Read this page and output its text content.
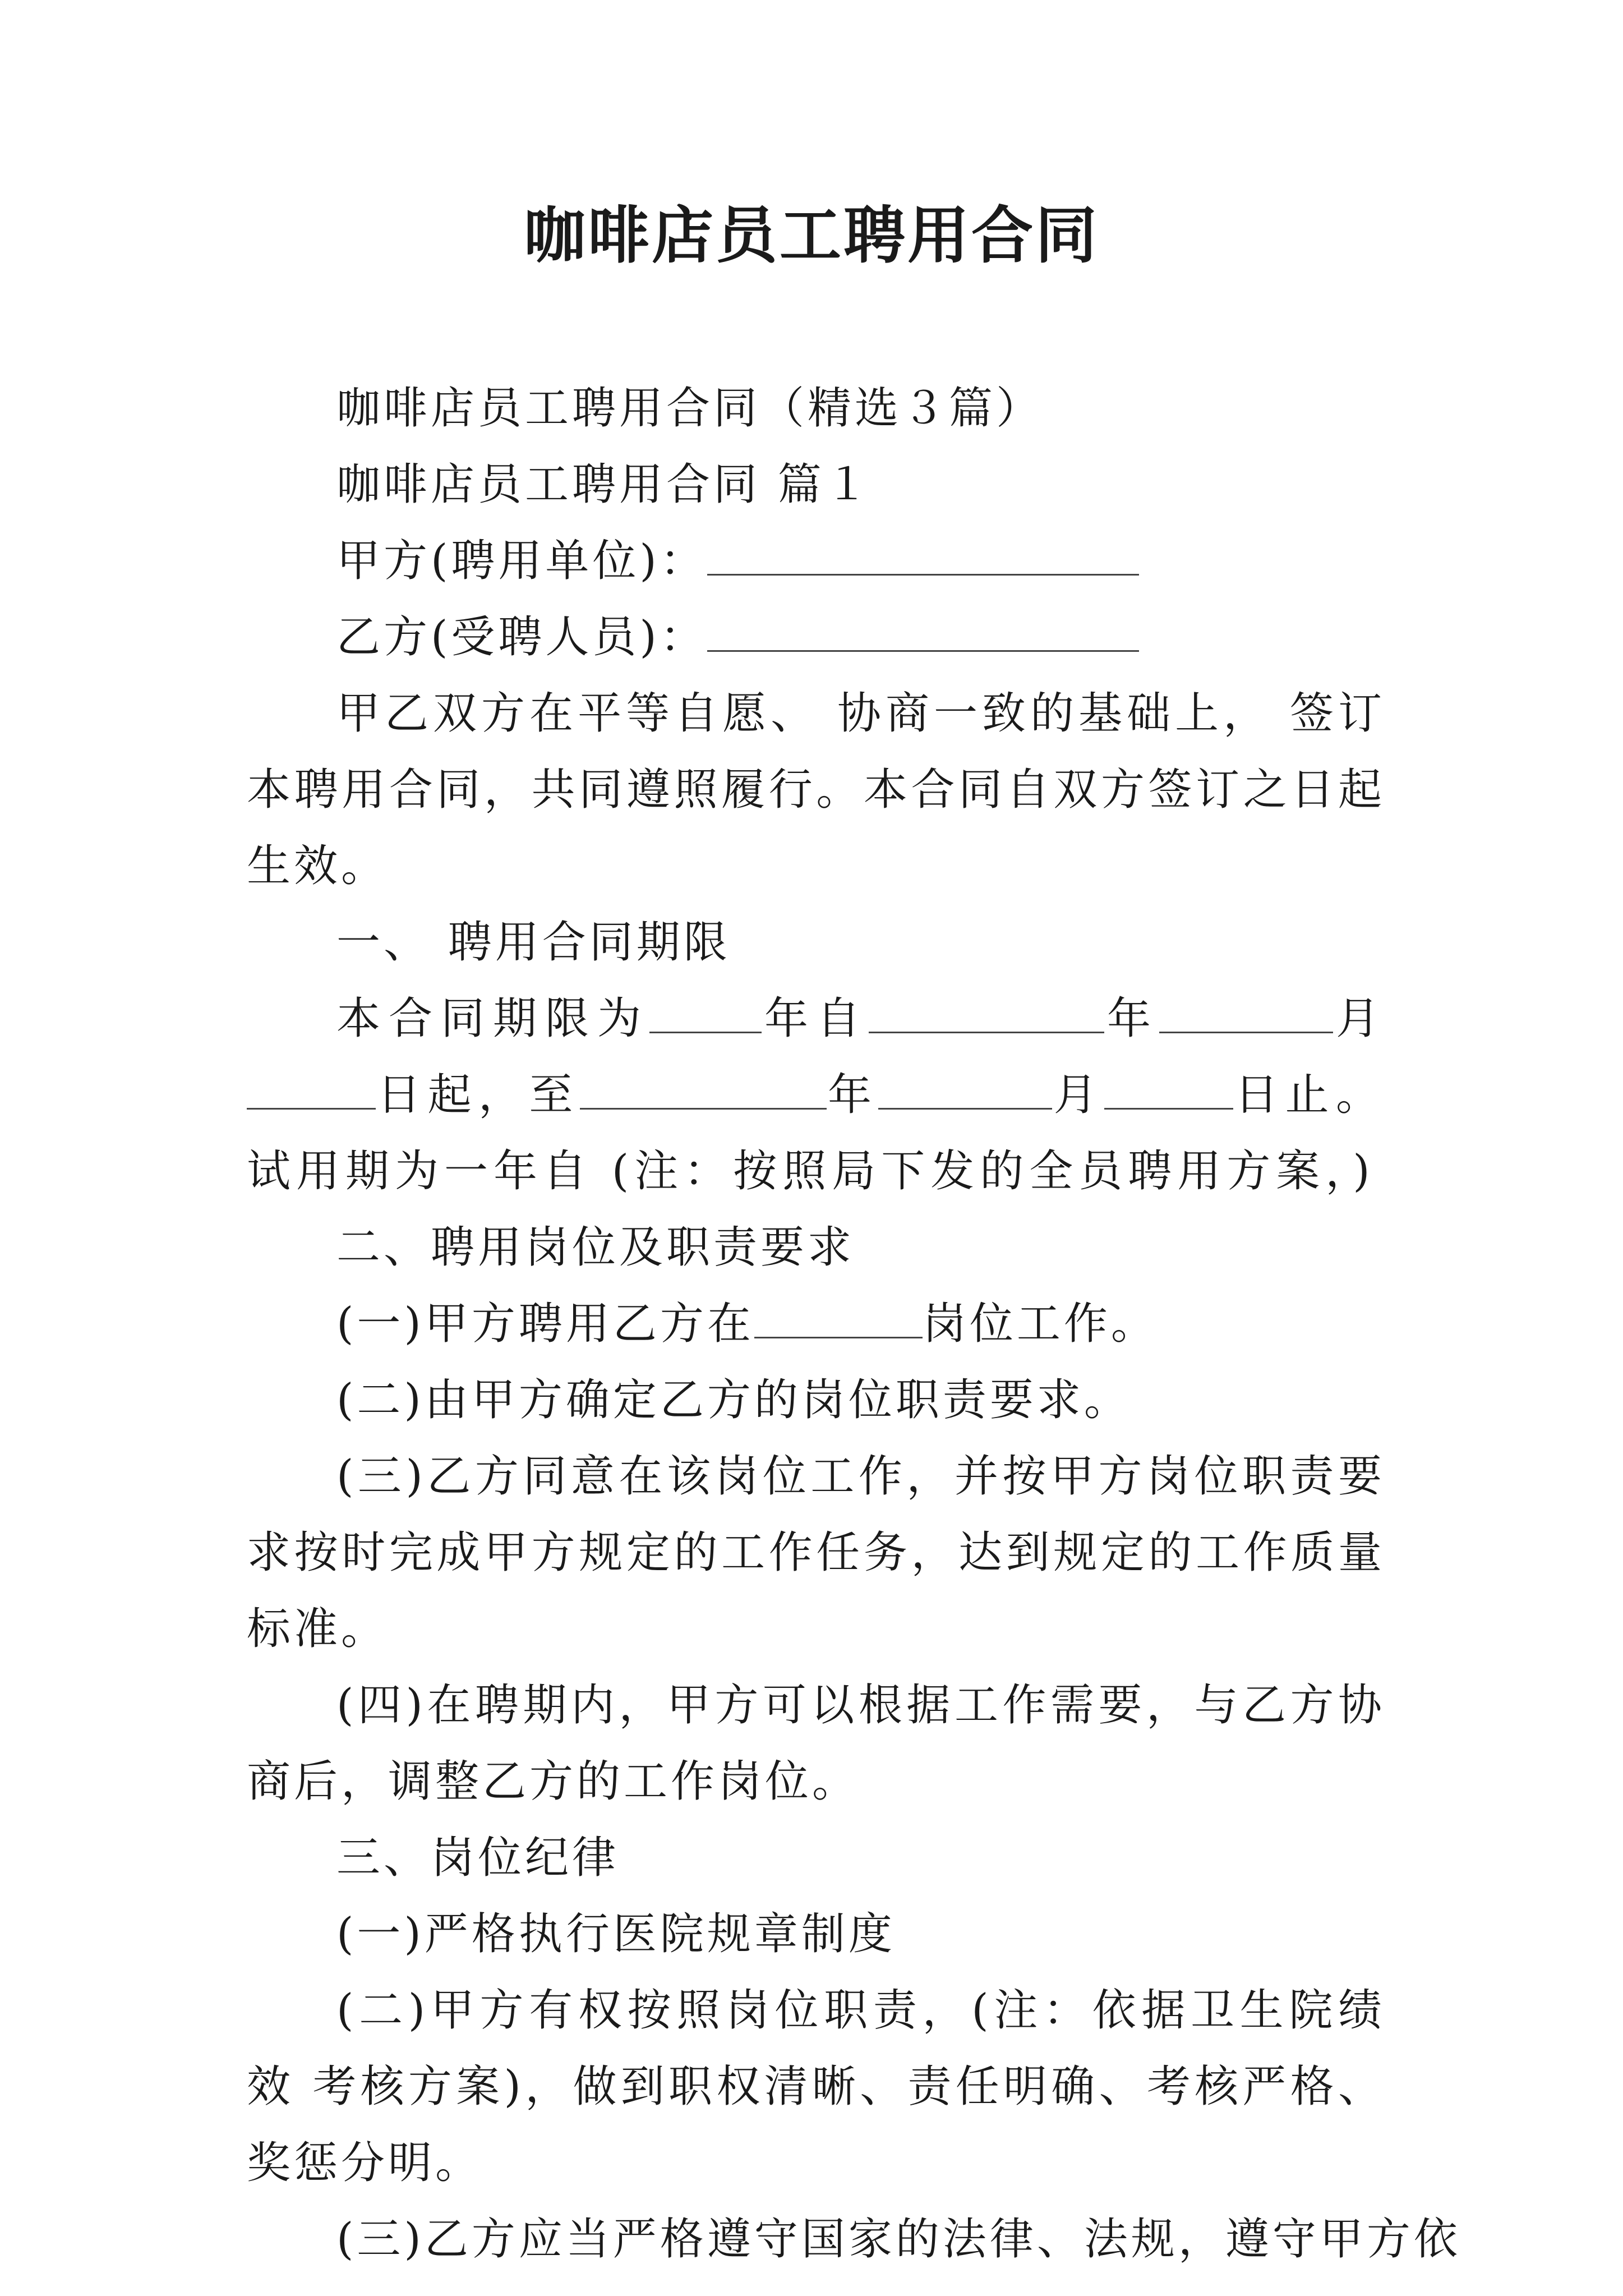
咖啡店员工聘用合同

咖啡店员工聘用合同（精选３篇）

咖啡店员工聘用合同 篇１

甲方(聘用单位)：

乙方(受聘人员)：

甲乙双方在平等自愿、 协商一致的基础上， 签订本聘用合同，共同遵照履行。本合同自双方签订之日起生效。

一、 聘用合同期限

本合同期限为	年自	年	月日起，至	年	月	日止。 试用期为一年自 (注：按照局下发的全员聘用方案，)

二、聘用岗位及职责要求

(一)甲方聘用乙方在	岗位工作。

(二)由甲方确定乙方的岗位职责要求。

(三)乙方同意在该岗位工作，并按甲方岗位职责要求按时完成甲方规定的工作任务，达到规定的工作质量标准。

(四)在聘期内，甲方可以根据工作需要，与乙方协商后，调整乙方的工作岗位。

三、岗位纪律

(一)严格执行医院规章制度

(二)甲方有权按照岗位职责，(注：依据卫生院绩效 考核方案)，做到职权清晰、责任明确、考核严格、奖惩分明。

(三)乙方应当严格遵守国家的法律、法规，遵守甲方依
